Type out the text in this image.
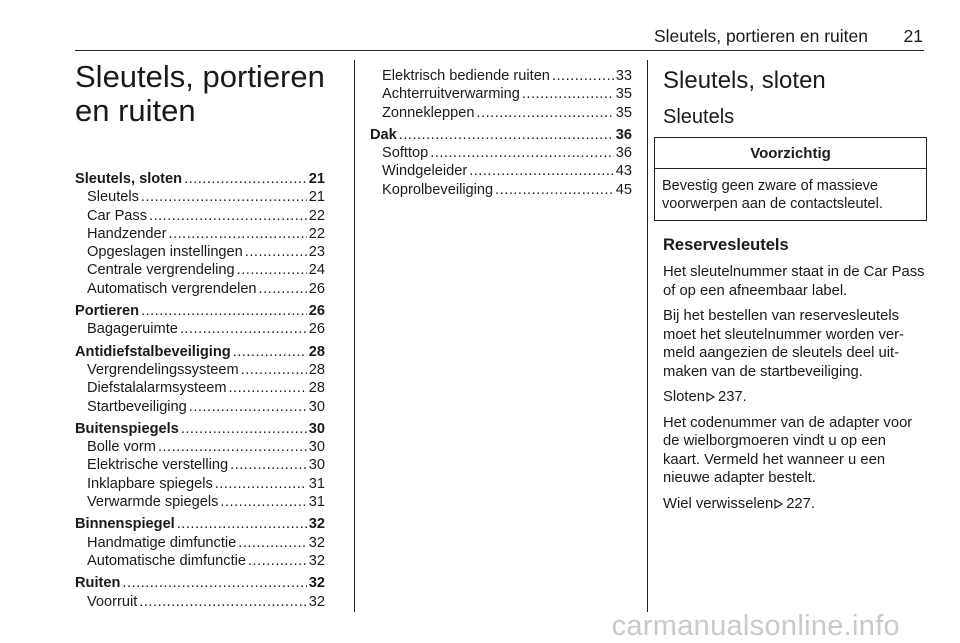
Sleutels, portieren en ruiten 21
Sleutels, portieren
en ruiten
Sleutels, sloten .....	21
Sleutels .....	21
Car Pass .....	22
Handzender .....	22
Opgeslagen instellingen .....	23
Centrale vergrendeling .....	24
Automatisch vergrendelen .....	26
Portieren .....	26
Bagageruimte .....	26
Antidiefstalbeveiliging .....	28
Vergrendelingssysteem .....	28
Diefstalalarmsysteem .....	28
Startbeveiliging .....	30
Buitenspiegels .....	30
Bolle vorm .....	30
Elektrische verstelling .....	30
Inklapbare spiegels .....	31
Verwarmde spiegels .....	31
Binnenspiegel .....	32
Handmatige dimfunctie .....	32
Automatische dimfunctie .....	32
Ruiten .....	32
Voorruit .....	32
Elektrisch bediende ruiten .....	33
Achterruitverwarming .....	35
Zonnekleppen .....	35
Dak .....	36
Softtop .....	36
Windgeleider .....	43
Koprolbeveiliging .....	45
Sleutels, sloten
Sleutels
Voorzichtig
Bevestig geen zware of massieve voorwerpen aan de contactsleutel.
Reservesleutels

Het sleutelnummer staat in de Car Pass of op een afneembaar label.

Bij het bestellen van reservesleutels
moet het sleutelnummer worden ver-
meld aangezien de sleutels deel uit-
maken van de startbeveiliging.

Sloten 237.

Het codenummer van de adapter voor de wielborgmoeren vindt u op een kaart. Vermeld het wanneer u een nieuwe adapter bestelt.

Wiel verwisselen 227.

carmanualsonline.info
